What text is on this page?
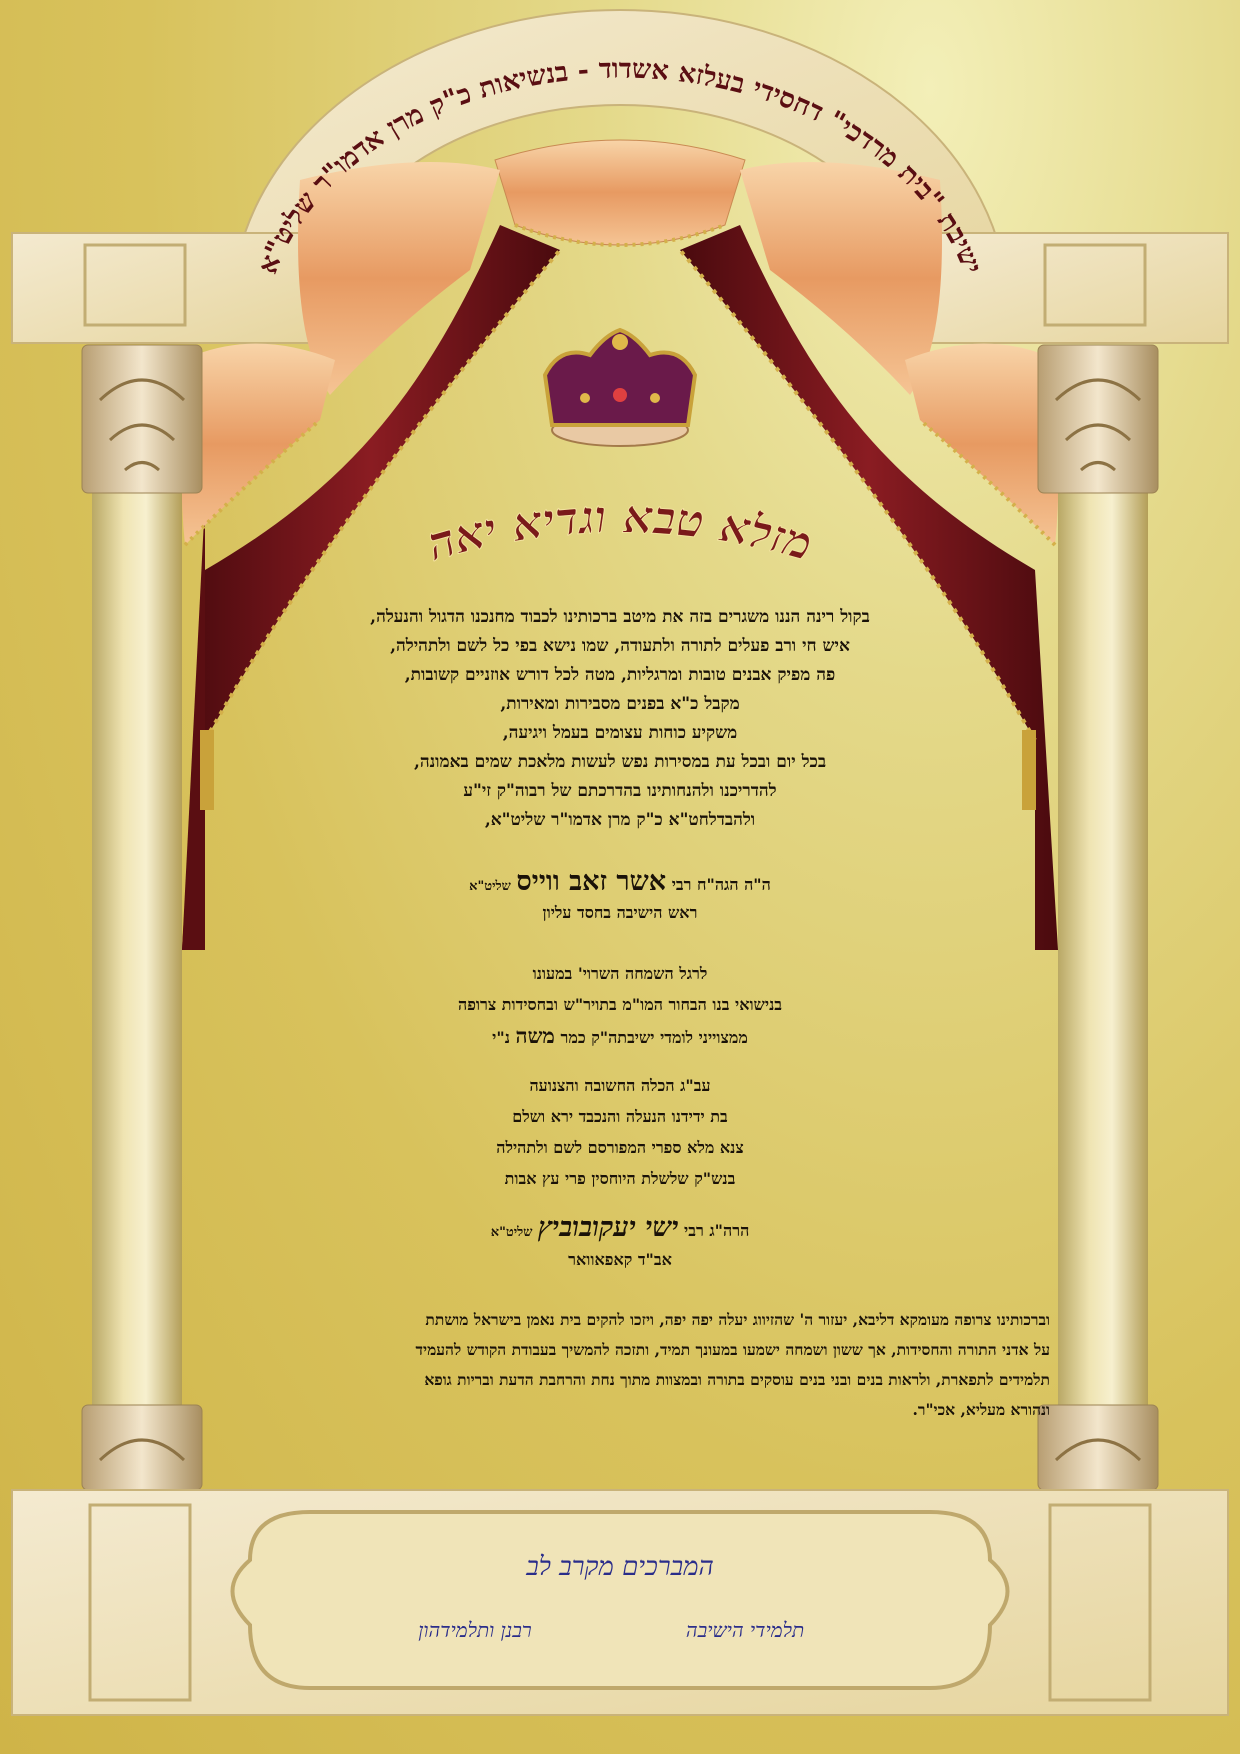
ישיבת "בית מרדכי" דחסידי בעלזא אשדוד - בנשיאות כ"ק מרן אדמו"ר שליט"א
מזלא טבא וגדיא יאה
בקול רינה הננו משגרים בזה את מיטב ברכותינו לכבוד מחנכנו הדגול והנעלה,
איש חי ורב פעלים לתורה ולתעודה, שמו נישא בפי כל לשם ולתהילה,
פה מפיק אבנים טובות ומרגליות, מטה לכל דורש אוזניים קשובות,
מקבל כ"א בפנים מסבירות ומאירות,
משקיע כוחות עצומים בעמל ויגיעה,
בכל יום ובכל עת במסירות נפש לעשות מלאכת שמים באמונה,
להדריכנו ולהנחותינו בהדרכתם של רבוה"ק זי"ע
ולהבדלחט"א כ"ק מרן אדמו"ר שליט"א,
ה"ה הגה"ח רבי אשר זאב ווייס שליט"א
ראש הישיבה בחסד עליון
לרגל השמחה השרוי' במעונו
בנישואי בנו הבחור המו"מ בתויר"ש ובחסידות צרופה
ממצוייני לומדי ישיבתה"ק כמר משה נ"י
עב"ג הכלה החשובה והצנועה
בת ידידנו הנעלה והנכבד ירא ושלם
צנא מלא ספרי המפורסם לשם ולתהילה
בנש"ק שלשלת היוחסין פרי עץ אבות
הרה"ג רבי ישי יעקובוביץ שליט"א
אב"ד קאפאוואר
וברכותינו צרופה מעומקא דליבא, יעזור ה' שהזיווג יעלה יפה יפה, ויזכו להקים בית נאמן בישראל מושתת
על אדני התורה והחסידות, אך ששון ושמחה ישמעו במעונך תמיד, ותזכה להמשיך בעבודת הקודש להעמיד
תלמידים לתפארת, ולראות בנים ובני בנים עוסקים בתורה ובמצוות מתוך נחת והרחבת הדעת ובריות גופא
ונהורא מעליא, אכי"ר.
המברכים מקרב לב
תלמידי הישיבה
רבנן ותלמידהון
